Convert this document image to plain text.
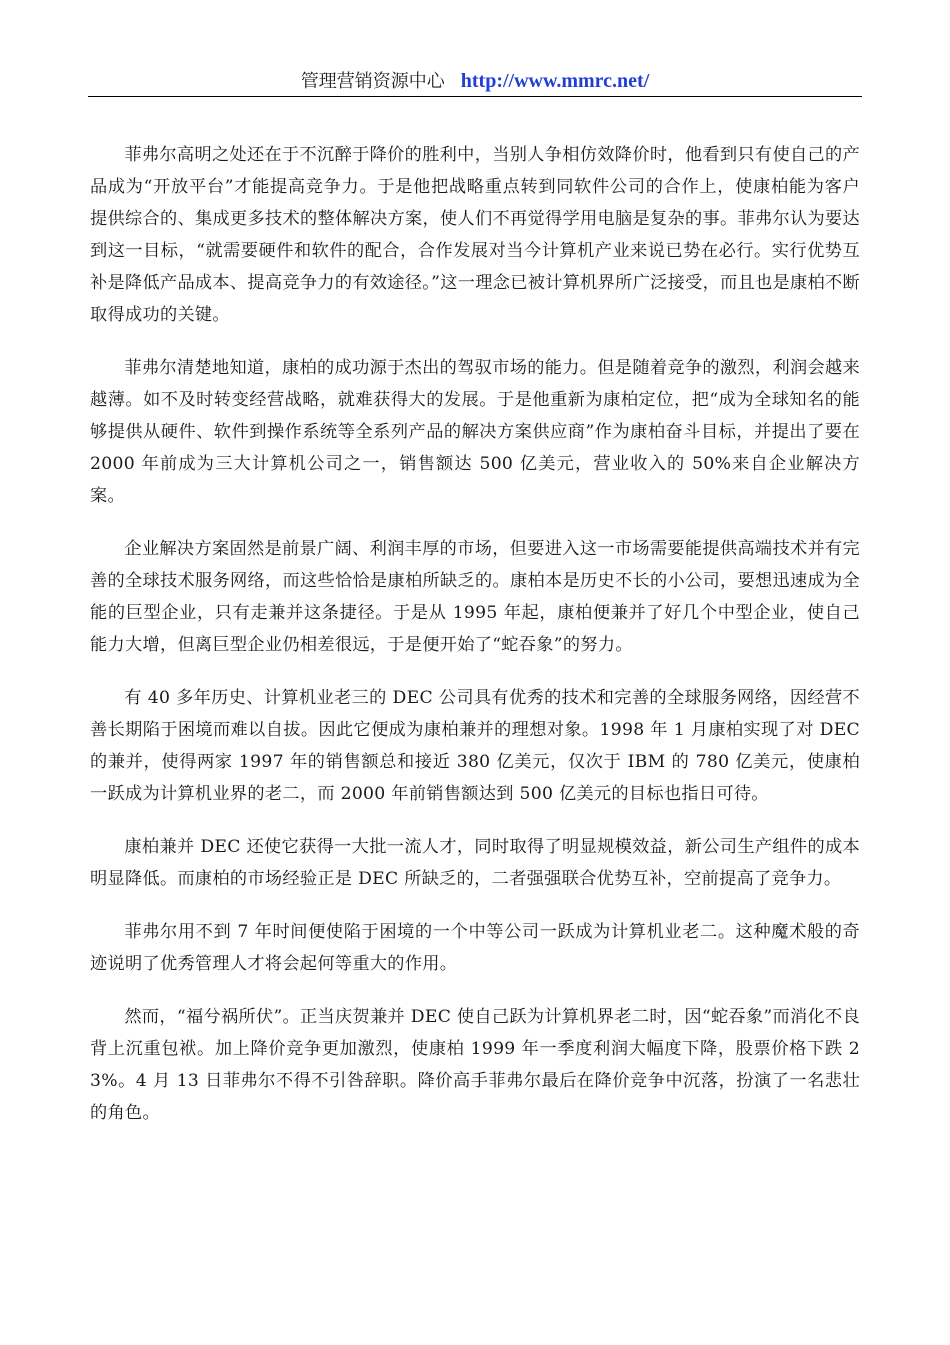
管理营销资源中心 http://www.mmrc.net/

菲弗尔高明之处还在于不沉醉于降价的胜利中，当别人争相仿效降价时，他看到只有使自己的产品成为“开放平台”才能提高竞争力。于是他把战略重点转到同软件公司的合作上，使康柏能为客户提供综合的、集成更多技术的整体解决方案，使人们不再觉得学用电脑是复杂的事。菲弗尔认为要达到这一目标，“就需要硬件和软件的配合，合作发展对当今计算机产业来说已势在必行。实行优势互补是降低产品成本、提高竞争力的有效途径。”这一理念已被计算机界所广泛接受，而且也是康柏不断取得成功的关键。

菲弗尔清楚地知道，康柏的成功源于杰出的驾驭市场的能力。但是随着竞争的激烈，利润会越来越薄。如不及时转变经营战略，就难获得大的发展。于是他重新为康柏定位，把“成为全球知名的能够提供从硬件、软件到操作系统等全系列产品的解决方案供应商”作为康柏奋斗目标，并提出了要在 2000 年前成为三大计算机公司之一，销售额达 500 亿美元，营业收入的 50%来自企业解决方案。

企业解决方案固然是前景广阔、利润丰厚的市场，但要进入这一市场需要能提供高端技术并有完善的全球技术服务网络，而这些恰恰是康柏所缺乏的。康柏本是历史不长的小公司，要想迅速成为全能的巨型企业，只有走兼并这条捷径。于是从 1995 年起，康柏便兼并了好几个中型企业，使自己能力大增，但离巨型企业仍相差很远，于是便开始了“蛇吞象”的努力。

有 40 多年历史、计算机业老三的 DEC 公司具有优秀的技术和完善的全球服务网络，因经营不善长期陷于困境而难以自拔。因此它便成为康柏兼并的理想对象。1998 年 1 月康柏实现了对 DEC 的兼并，使得两家 1997 年的销售额总和接近 380 亿美元，仅次于 IBM 的 780 亿美元，使康柏一跃成为计算机业界的老二，而 2000 年前销售额达到 500 亿美元的目标也指日可待。

康柏兼并 DEC 还使它获得一大批一流人才，同时取得了明显规模效益，新公司生产组件的成本明显降低。而康柏的市场经验正是 DEC 所缺乏的，二者强强联合优势互补，空前提高了竞争力。

菲弗尔用不到 7 年时间便使陷于困境的一个中等公司一跃成为计算机业老二。这种魔术般的奇迹说明了优秀管理人才将会起何等重大的作用。

然而，“福兮祸所伏”。正当庆贺兼并 DEC 使自己跃为计算机界老二时，因“蛇吞象”而消化不良背上沉重包袱。加上降价竞争更加激烈，使康柏 1999 年一季度利润大幅度下降，股票价格下跌 23%。4 月 13 日菲弗尔不得不引咎辞职。降价高手菲弗尔最后在降价竞争中沉落，扮演了一名悲壮的角色。
